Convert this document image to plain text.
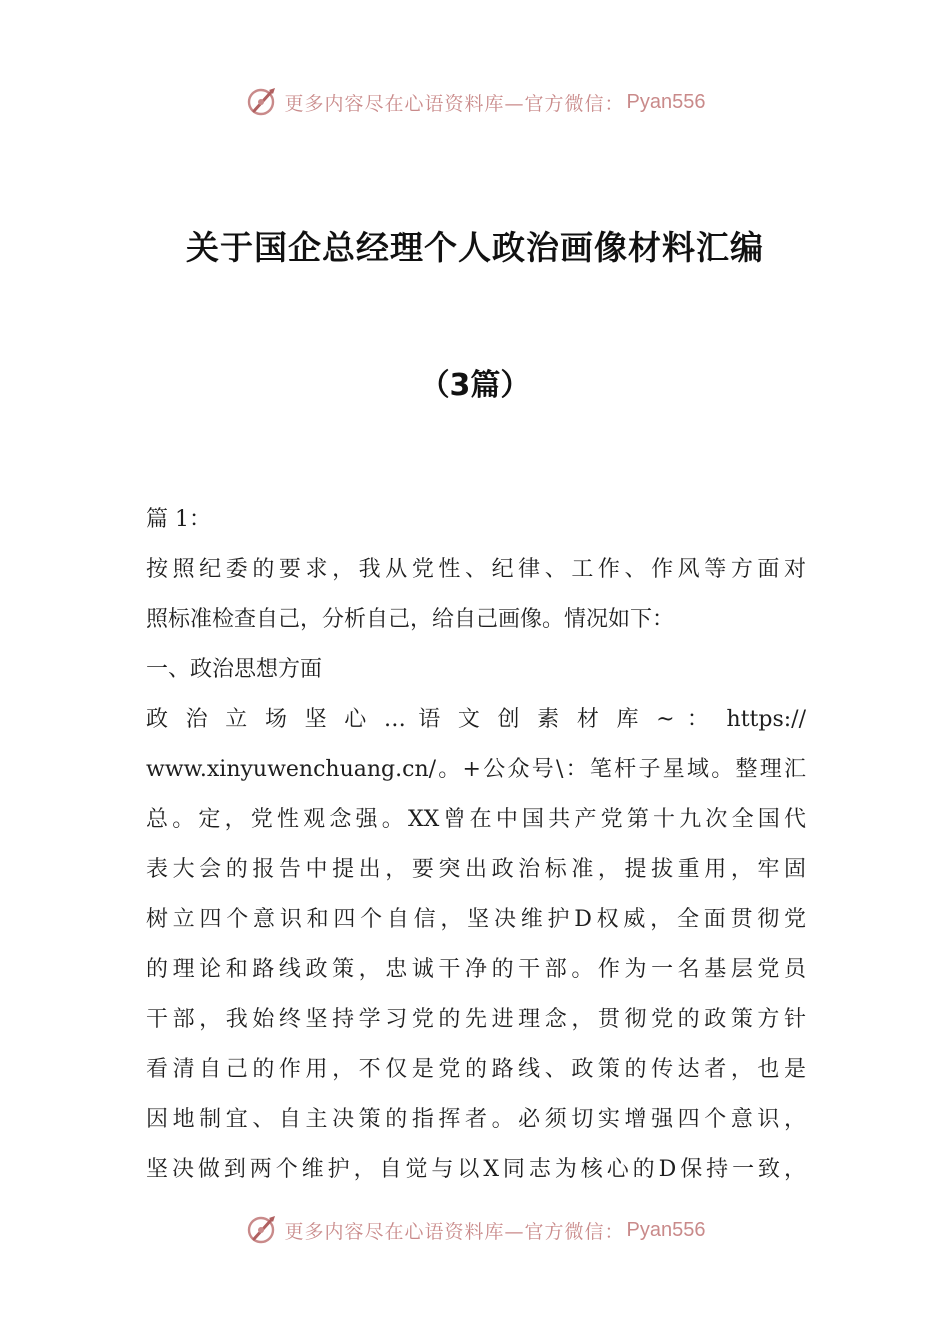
更多内容尽在心语资料库—官方微信： Pyan556
关于国企总经理个人政治画像材料汇编
（3篇）
篇 1：
按照纪委的要求，我从党性、纪律、工作、作风等方面对
照标准检查自己，分析自己，给自己画像。情况如下：
一、政治思想方面
政 治 立 场 坚 心 … 语 文 创 素 材 库 ~ ： https://
www.xinyuwenchuang.cn/。+公众号\：笔杆子星域。整理汇
总。定，党性观念强。XX曾在中国共产党第十九次全国代
表大会的报告中提出，要突出政治标准，提拔重用，牢固
树立四个意识和四个自信，坚决维护D权威，全面贯彻党
的理论和路线政策，忠诚干净的干部。作为一名基层党员
干部，我始终坚持学习党的先进理念，贯彻党的政策方针
看清自己的作用，不仅是党的路线、政策的传达者，也是
因地制宜、自主决策的指挥者。必须切实增强四个意识，
坚决做到两个维护，自觉与以X同志为核心的D保持一致，
更多内容尽在心语资料库—官方微信： Pyan556
